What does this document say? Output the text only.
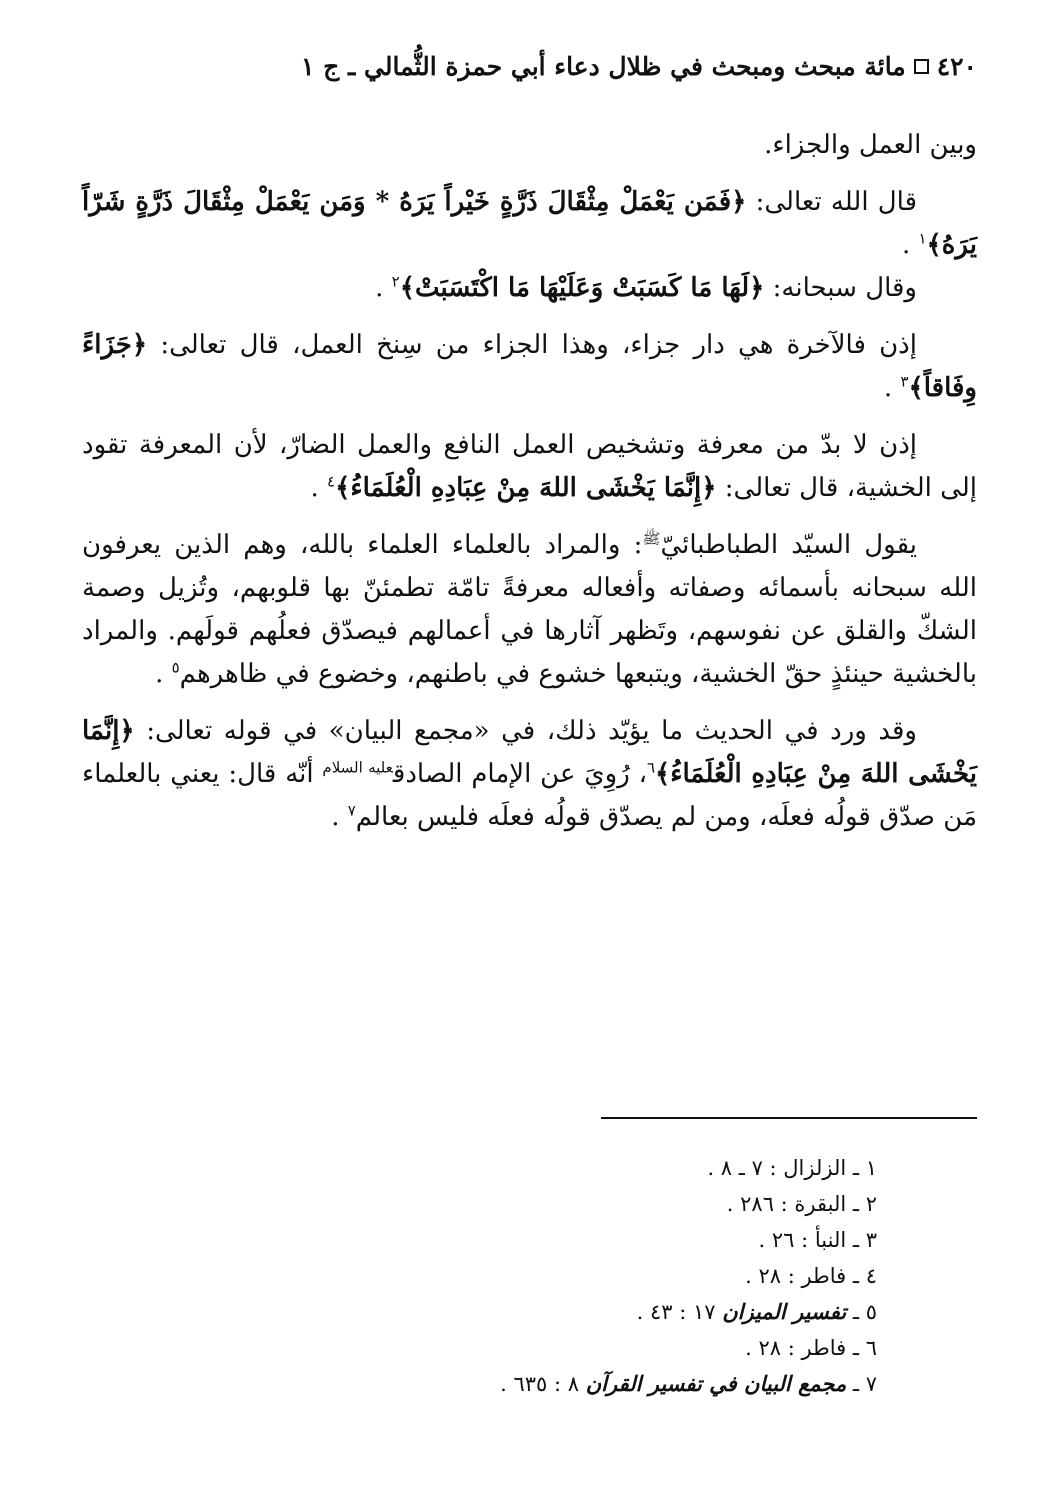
٤٢٠
مائة مبحث ومبحث في ظلال دعاء أبي حمزة الثُّمالي ـ ج ١

وبين العمل والجزاء.

قال الله تعالى: ﴿فَمَن يَعْمَلْ مِثْقَالَ ذَرَّةٍ خَيْراً يَرَهُ * وَمَن يَعْمَلْ مِثْقَالَ ذَرَّةٍ شَرّاً يَرَهُ﴾$^١$ .

وقال سبحانه: ﴿لَهَا مَا كَسَبَتْ وَعَلَيْهَا مَا اكْتَسَبَتْ﴾$^٢$ .

إذن فالآخرة هي دار جزاء، وهذا الجزاء من سِنخ العمل، قال تعالى: ﴿جَزَاءً وِفَاقاً﴾$^٣$ .

إذن لا بدّ من معرفة وتشخيص العمل النافع والعمل الضارّ، لأن المعرفة تقود إلى الخشية، قال تعالى: ﴿إِنَّمَا يَخْشَى اللهَ مِنْ عِبَادِهِ الْعُلَمَاءُ﴾$^٤$ .

يقول السيّد الطباطبائيّ$^ﷺ$: والمراد بالعلماء العلماء بالله، وهم الذين يعرفون الله سبحانه بأسمائه وصفاته وأفعاله معرفةً تامّة تطمئنّ بها قلوبهم، وتُزيل وصمة الشكّ والقلق عن نفوسهم، وتَظهر آثارها في أعمالهم فيصدّق فعلُهم قولَهم. والمراد بالخشية حينئذٍ حقّ الخشية، ويتبعها خشوع في باطنهم، وخضوع في ظاهرهم$^٥$ .

وقد ورد في الحديث ما يؤيّد ذلك، في «مجمع البيان» في قوله تعالى: ﴿إِنَّمَا يَخْشَى اللهَ مِنْ عِبَادِهِ الْعُلَمَاءُ﴾$^٦$، رُوِيَ عن الإمام الصادق$^{عليه السلام}$ أنّه قال: يعني بالعلماء مَن صدّق قولُه فعلَه، ومن لم يصدّق قولُه فعلَه فليس بعالم$^٧$ .

١ ـ الزلزال : ٧ ـ ٨ .
٢ ـ البقرة : ٢٨٦ .
٣ ـ النبأ : ٢٦ .
٤ ـ فاطر : ٢٨ .
٥ ـ تفسير الميزان ١٧ : ٤٣ .
٦ ـ فاطر : ٢٨ .
٧ ـ مجمع البيان في تفسير القرآن ٨ : ٦٣٥ .
